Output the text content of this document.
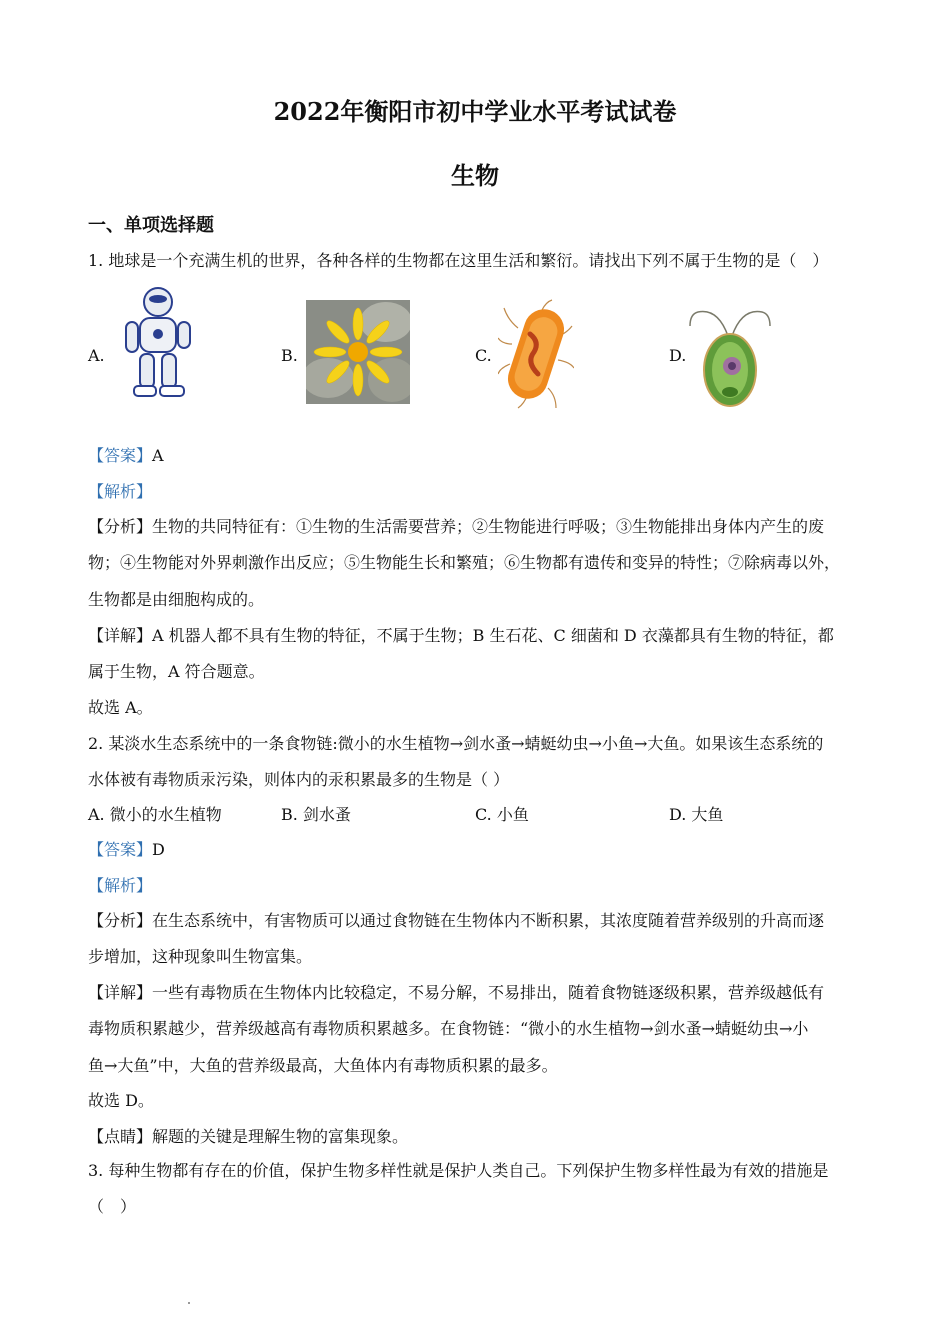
2022年衡阳市初中学业水平考试试卷
生物
一、单项选择题
1. 地球是一个充满生机的世界，各种各样的生物都在这里生活和繁衍。请找出下列不属于生物的是（　）
A.	B.	C.	D.
【答案】A
【解析】
【分析】生物的共同特征有：①生物的生活需要营养；②生物能进行呼吸；③生物能排出身体内产生的废
物；④生物能对外界刺激作出反应；⑤生物能生长和繁殖；⑥生物都有遗传和变异的特性；⑦除病毒以外，
生物都是由细胞构成的。
【详解】A 机器人都不具有生物的特征，不属于生物；B 生石花、C 细菌和 D 衣藻都具有生物的特征，都
属于生物，A 符合题意。
故选 A。
2. 某淡水生态系统中的一条食物链:微小的水生植物→剑水蚤→蜻蜓幼虫→小鱼→大鱼。如果该生态系统的
水体被有毒物质汞污染，则体内的汞积累最多的生物是（ ）
A. 微小的水生植物	B. 剑水蚤	C. 小鱼	D. 大鱼
【答案】D
【解析】
【分析】在生态系统中，有害物质可以通过食物链在生物体内不断积累，其浓度随着营养级别的升高而逐
步增加，这种现象叫生物富集。
【详解】一些有毒物质在生物体内比较稳定，不易分解，不易排出，随着食物链逐级积累，营养级越低有
毒物质积累越少，营养级越高有毒物质积累越多。在食物链：“微小的水生植物→剑水蚤→蜻蜓幼虫→小
鱼→大鱼”中，大鱼的营养级最高，大鱼体内有毒物质积累的最多。
故选 D。
【点睛】解题的关键是理解生物的富集现象。
3. 每种生物都有存在的价值，保护生物多样性就是保护人类自己。下列保护生物多样性最为有效的措施是
（　）
